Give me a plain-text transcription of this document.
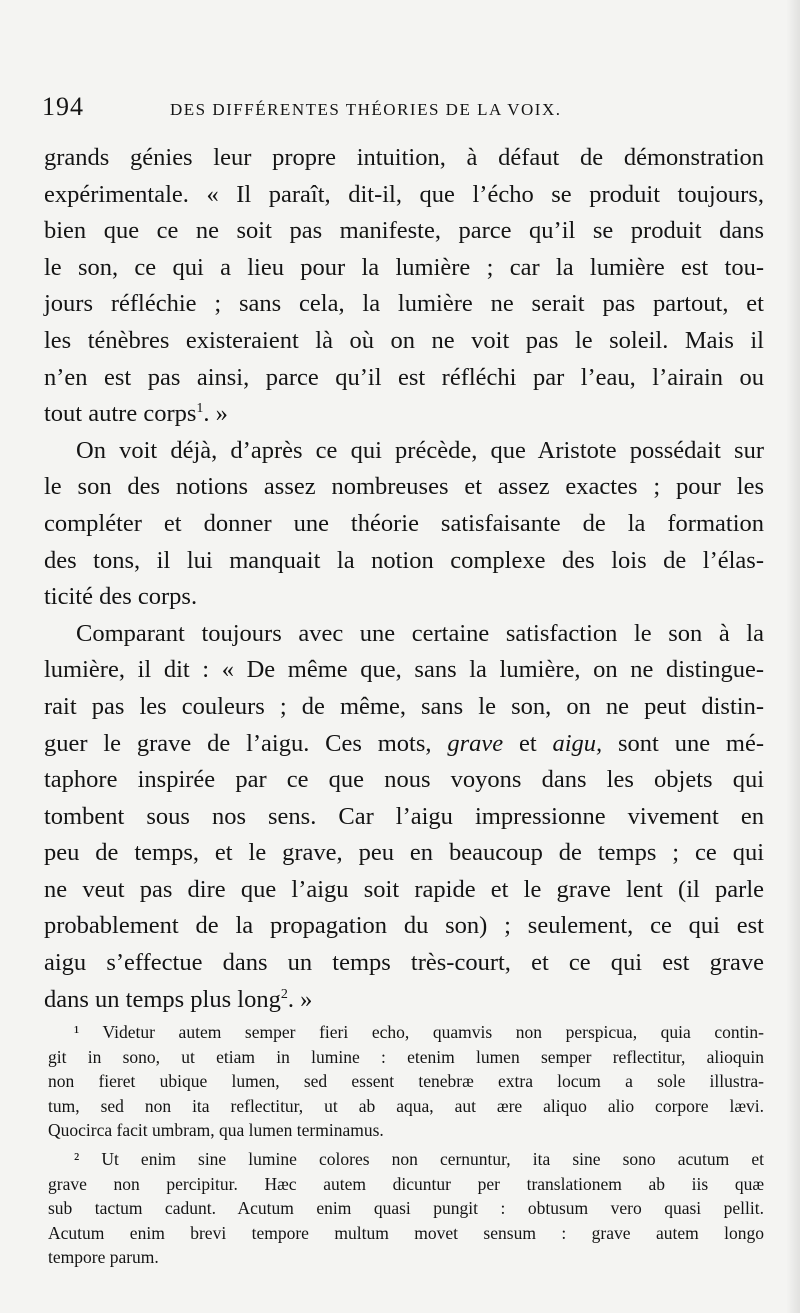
194	DES DIFFÉRENTES THÉORIES DE LA VOIX.
grands génies leur propre intuition, à défaut de démonstration
expérimentale. « Il paraît, dit-il, que l’écho se produit toujours,
bien que ce ne soit pas manifeste, parce qu’il se produit dans
le son, ce qui a lieu pour la lumière ; car la lumière est tou-
jours réfléchie ; sans cela, la lumière ne serait pas partout, et
les ténèbres existeraient là où on ne voit pas le soleil. Mais il
n’en est pas ainsi, parce qu’il est réfléchi par l’eau, l’airain ou
tout autre corps$^1$. »
On voit déjà, d’après ce qui précède, que Aristote possédait sur
le son des notions assez nombreuses et assez exactes ; pour les
compléter et donner une théorie satisfaisante de la formation
des tons, il lui manquait la notion complexe des lois de l’élas-
ticité des corps.
Comparant toujours avec une certaine satisfaction le son à la
lumière, il dit : « De même que, sans la lumière, on ne distingue-
rait pas les couleurs ; de même, sans le son, on ne peut distin-
guer le grave de l’aigu. Ces mots, grave et aigu, sont une mé-
taphore inspirée par ce que nous voyons dans les objets qui
tombent sous nos sens. Car l’aigu impressionne vivement en
peu de temps, et le grave, peu en beaucoup de temps ; ce qui
ne veut pas dire que l’aigu soit rapide et le grave lent (il parle
probablement de la propagation du son) ; seulement, ce qui est
aigu s’effectue dans un temps très-court, et ce qui est grave
dans un temps plus long$^2$. »
¹ Videtur autem semper fieri echo, quamvis non perspicua, quia contin-
git in sono, ut etiam in lumine : etenim lumen semper reflectitur, alioquin
non fieret ubique lumen, sed essent tenebræ extra locum a sole illustra-
tum, sed non ita reflectitur, ut ab aqua, aut ære aliquo alio corpore lævi.
Quocirca facit umbram, qua lumen terminamus.
² Ut enim sine lumine colores non cernuntur, ita sine sono acutum et
grave non percipitur. Hæc autem dicuntur per translationem ab iis quæ
sub tactum cadunt. Acutum enim quasi pungit : obtusum vero quasi pellit.
Acutum enim brevi tempore multum movet sensum : grave autem longo
tempore parum.
